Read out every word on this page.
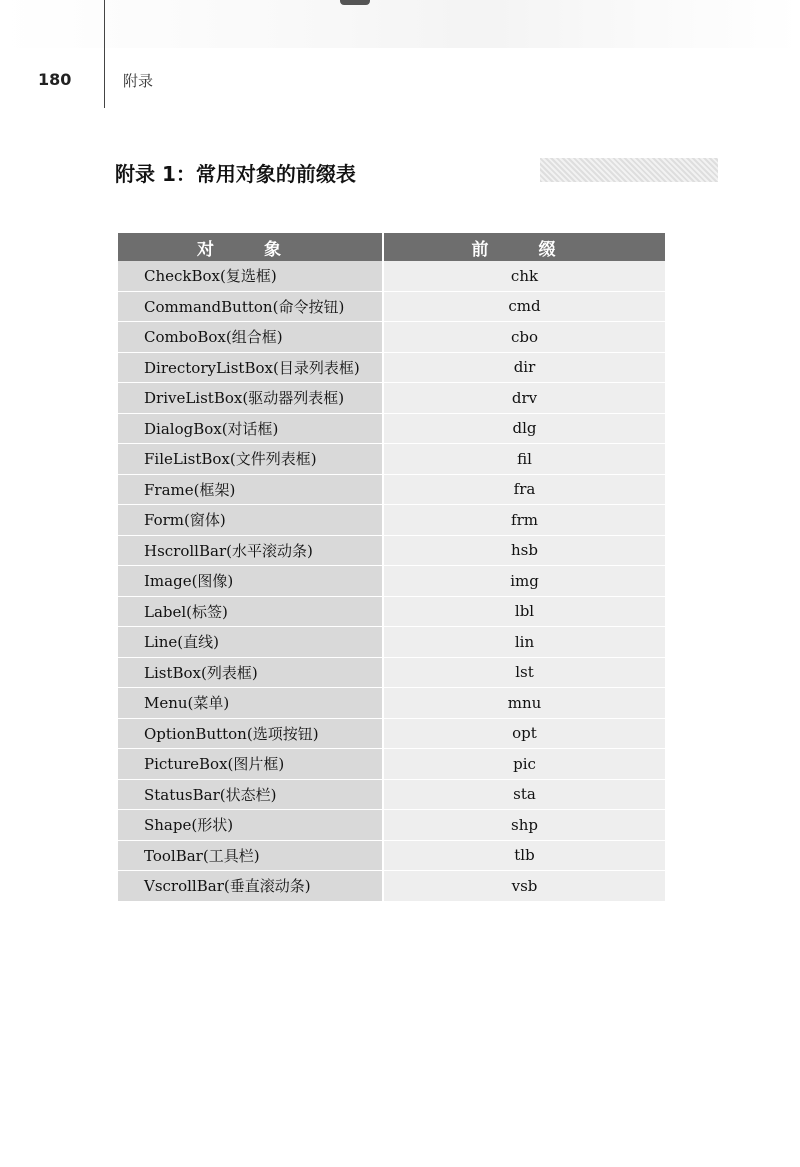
180	附录
附录 1：常用对象的前缀表
对 象	前 缀
CheckBox(复选框)	chk
CommandButton(命令按钮)	cmd
ComboBox(组合框)	cbo
DirectoryListBox(目录列表框)	dir
DriveListBox(驱动器列表框)	drv
DialogBox(对话框)	dlg
FileListBox(文件列表框)	fil
Frame(框架)	fra
Form(窗体)	frm
HscrollBar(水平滚动条)	hsb
Image(图像)	img
Label(标签)	lbl
Line(直线)	lin
ListBox(列表框)	lst
Menu(菜单)	mnu
OptionButton(选项按钮)	opt
PictureBox(图片框)	pic
StatusBar(状态栏)	sta
Shape(形状)	shp
ToolBar(工具栏)	tlb
VscrollBar(垂直滚动条)	vsb
